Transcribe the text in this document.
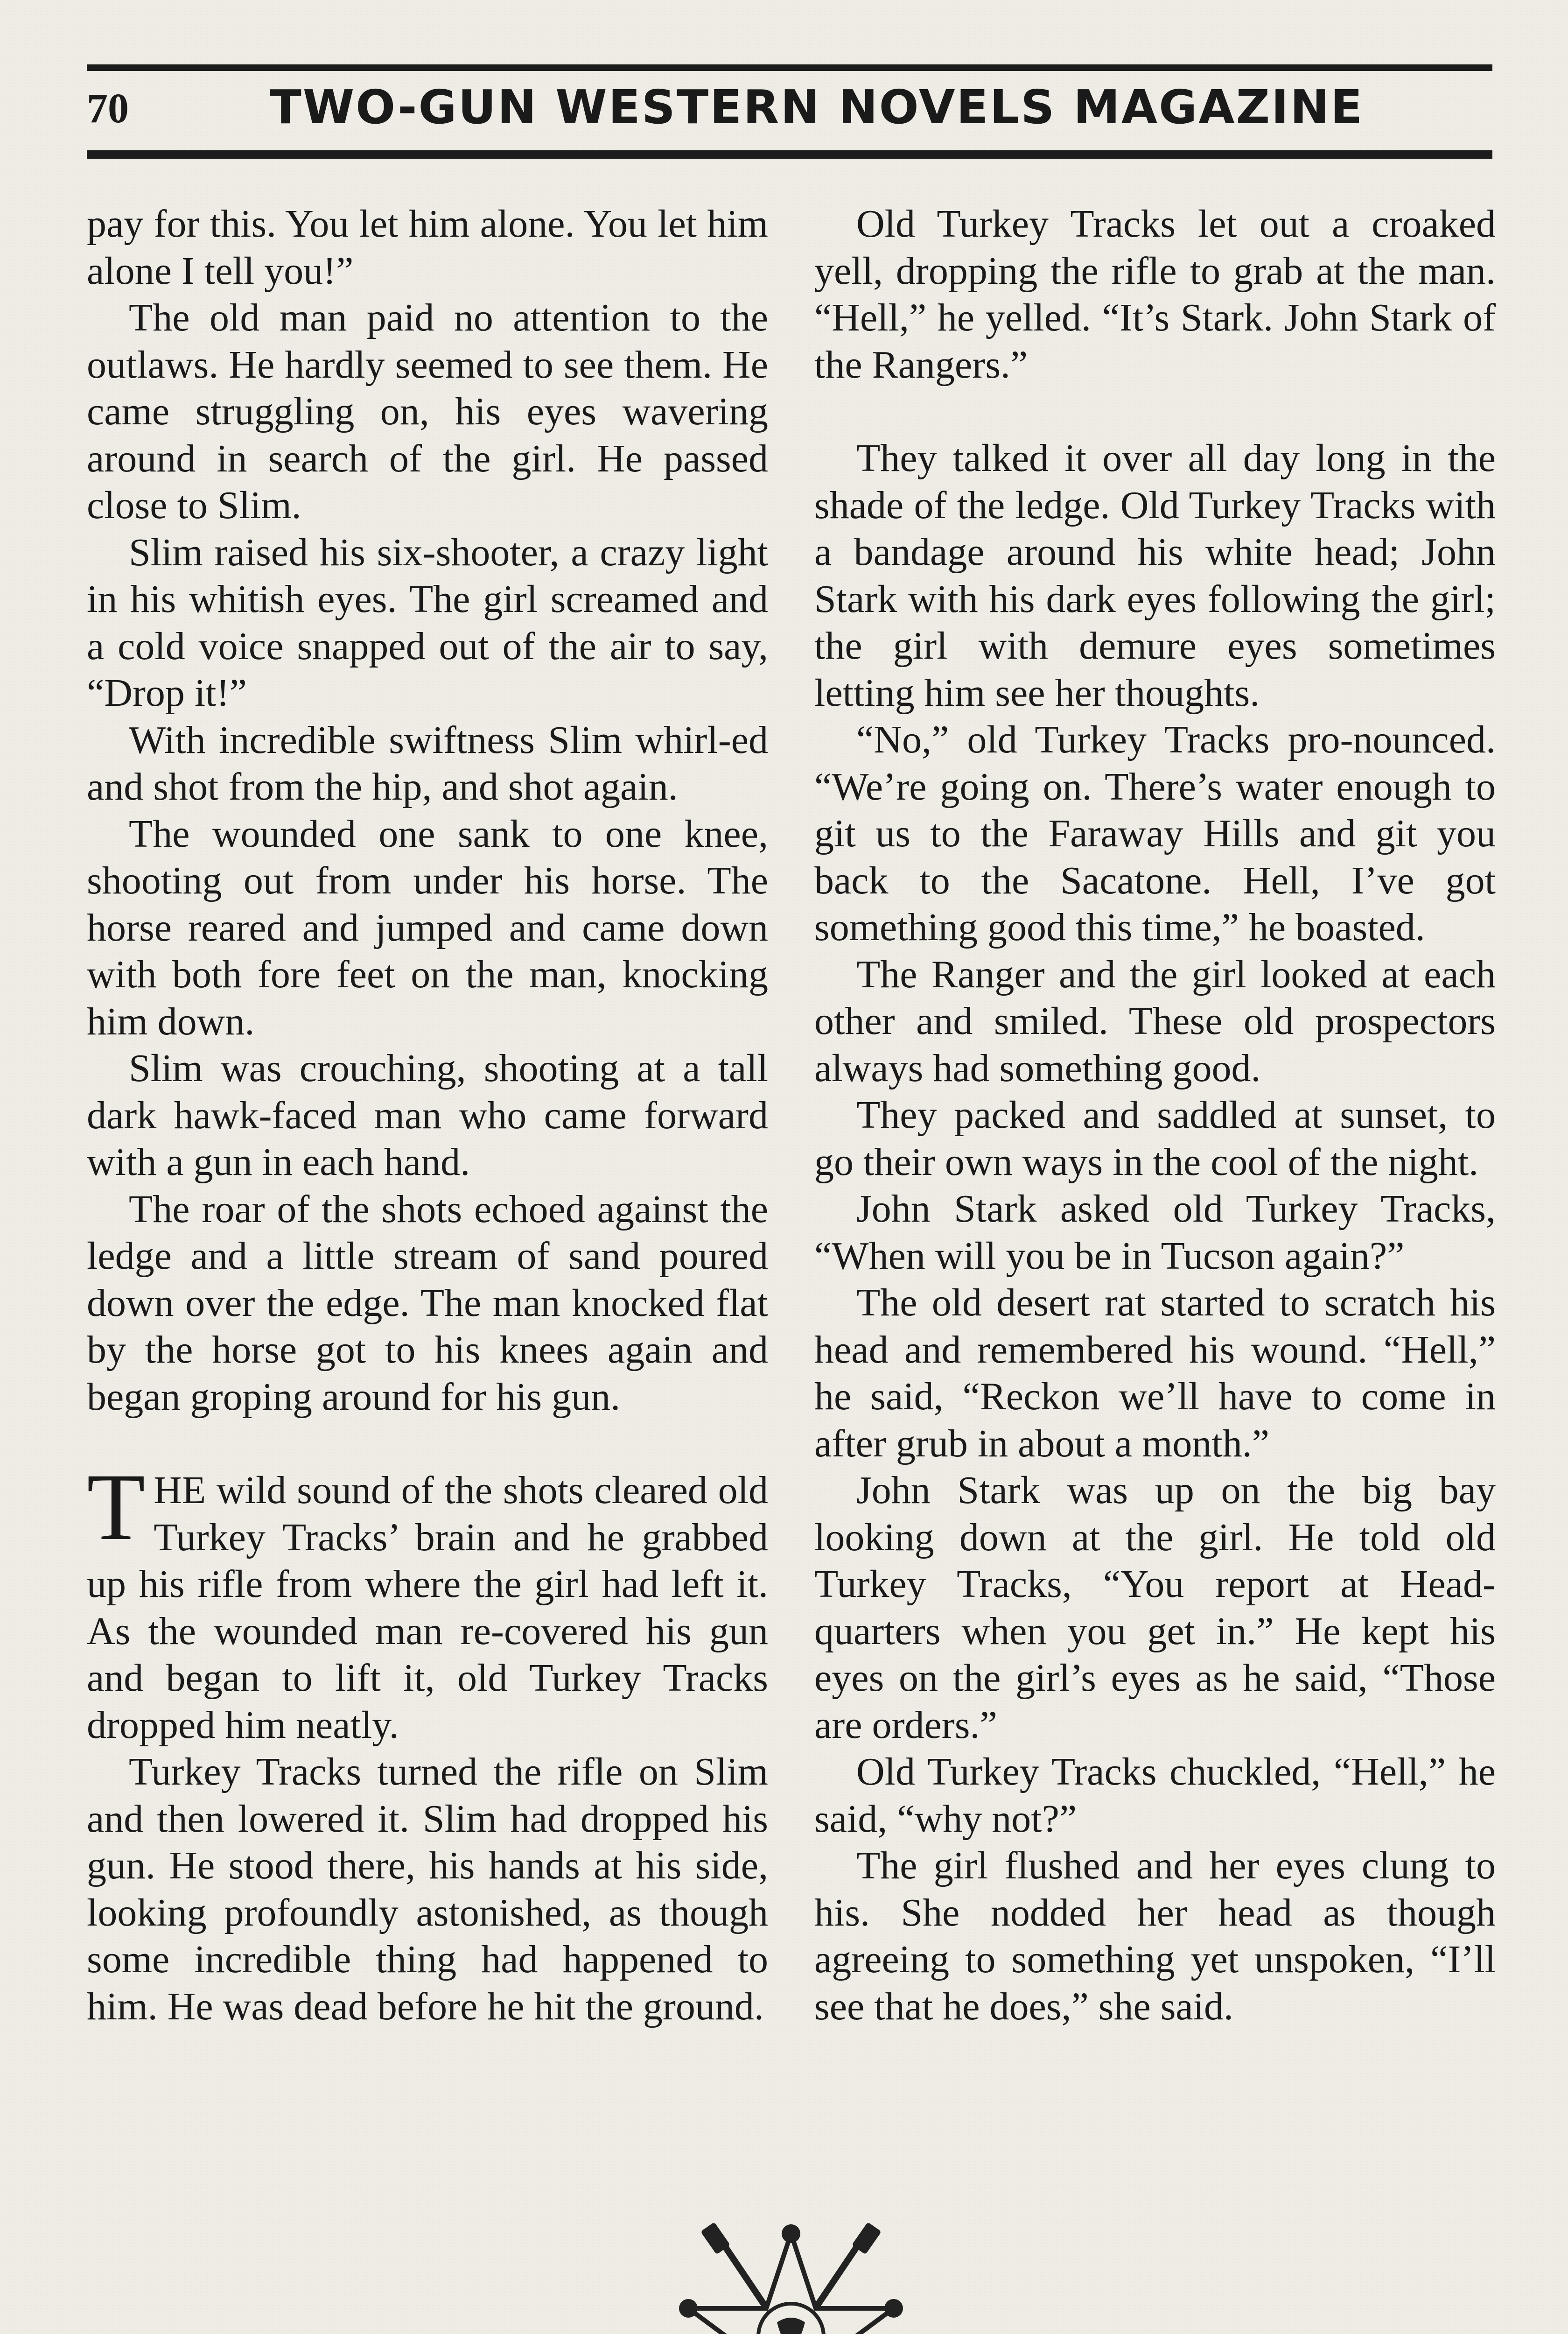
70	TWO-GUN WESTERN NOVELS MAGAZINE

pay for this. You let him alone. You let him alone I tell you!”

The old man paid no attention to the outlaws. He hardly seemed to see them. He came struggling on, his eyes wavering around in search of the girl. He passed close to Slim.

Slim raised his six-shooter, a crazy light in his whitish eyes. The girl screamed and a cold voice snapped out of the air to say, “Drop it!”

With incredible swiftness Slim whirl-ed and shot from the hip, and shot again.

The wounded one sank to one knee, shooting out from under his horse. The horse reared and jumped and came down with both fore feet on the man, knocking him down.

Slim was crouching, shooting at a tall dark hawk-faced man who came forward with a gun in each hand.

The roar of the shots echoed against the ledge and a little stream of sand poured down over the edge. The man knocked flat by the horse got to his knees again and began groping around for his gun.

THE wild sound of the shots cleared old Turkey Tracks’ brain and he grabbed up his rifle from where the girl had left it. As the wounded man re-covered his gun and began to lift it, old Turkey Tracks dropped him neatly.

Turkey Tracks turned the rifle on Slim and then lowered it. Slim had dropped his gun. He stood there, his hands at his side, looking profoundly astonished, as though some incredible thing had happened to him. He was dead before he hit the ground.

Old Turkey Tracks let out a croaked yell, dropping the rifle to grab at the man. “Hell,” he yelled. “It’s Stark. John Stark of the Rangers.”

They talked it over all day long in the shade of the ledge. Old Turkey Tracks with a bandage around his white head; John Stark with his dark eyes following the girl; the girl with demure eyes sometimes letting him see her thoughts.

“No,” old Turkey Tracks pro-nounced. “We’re going on. There’s water enough to git us to the Faraway Hills and git you back to the Sacatone. Hell, I’ve got something good this time,” he boasted.

The Ranger and the girl looked at each other and smiled. These old prospectors always had something good.

They packed and saddled at sunset, to go their own ways in the cool of the night.

John Stark asked old Turkey Tracks, “When will you be in Tucson again?”

The old desert rat started to scratch his head and remembered his wound. “Hell,” he said, “Reckon we’ll have to come in after grub in about a month.”

John Stark was up on the big bay looking down at the girl. He told old Turkey Tracks, “You report at Head-quarters when you get in.” He kept his eyes on the girl’s eyes as he said, “Those are orders.”

Old Turkey Tracks chuckled, “Hell,” he said, “why not?”

The girl flushed and her eyes clung to his. She nodded her head as though agreeing to something yet unspoken, “I’ll see that he does,” she said.
